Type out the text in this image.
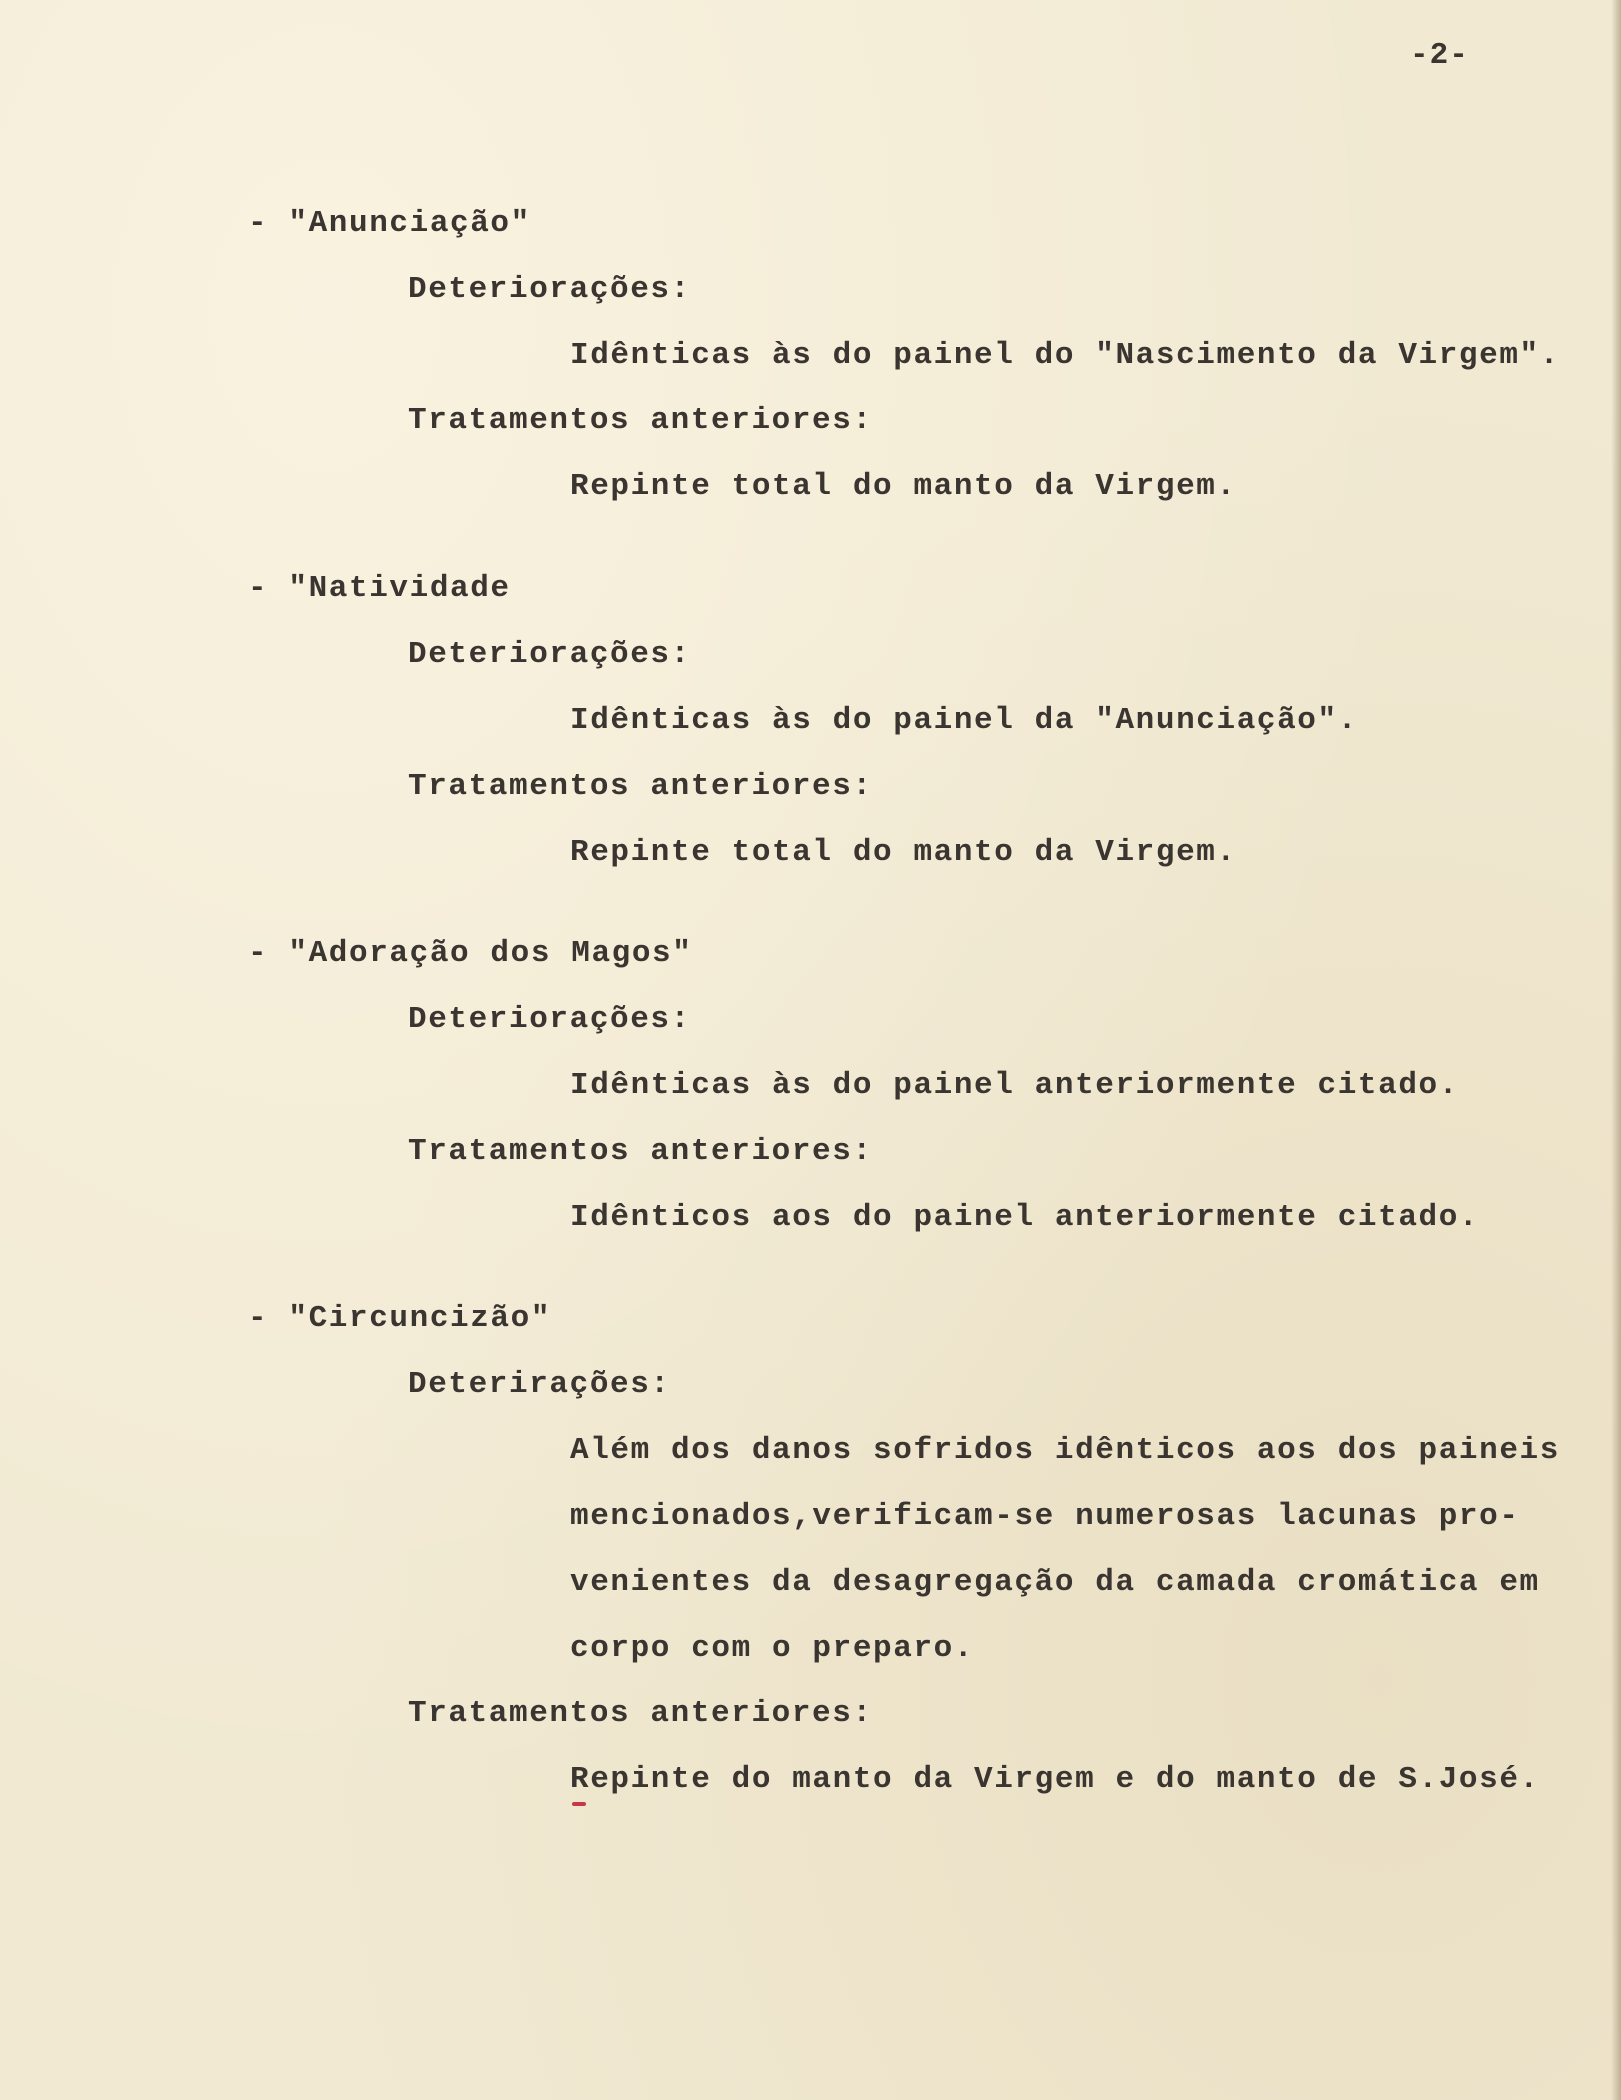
-2-
- "Anunciação"
Deteriorações:
Idênticas às do painel do "Nascimento da Virgem".
Tratamentos anteriores:
Repinte total do manto da Virgem.
- "Natividade
Deteriorações:
Idênticas às do painel da "Anunciação".
Tratamentos anteriores:
Repinte total do manto da Virgem.
- "Adoração dos Magos"
Deteriorações:
Idênticas às do painel anteriormente citado.
Tratamentos anteriores:
Idênticos aos do painel anteriormente citado.
- "Circuncizão"
Deterirações:
Além dos danos sofridos idênticos aos dos paineis
mencionados,verificam-se numerosas lacunas pro-
venientes da desagregação da camada cromática em
corpo com o preparo.
Tratamentos anteriores:
Repinte do manto da Virgem e do manto de S.José.
